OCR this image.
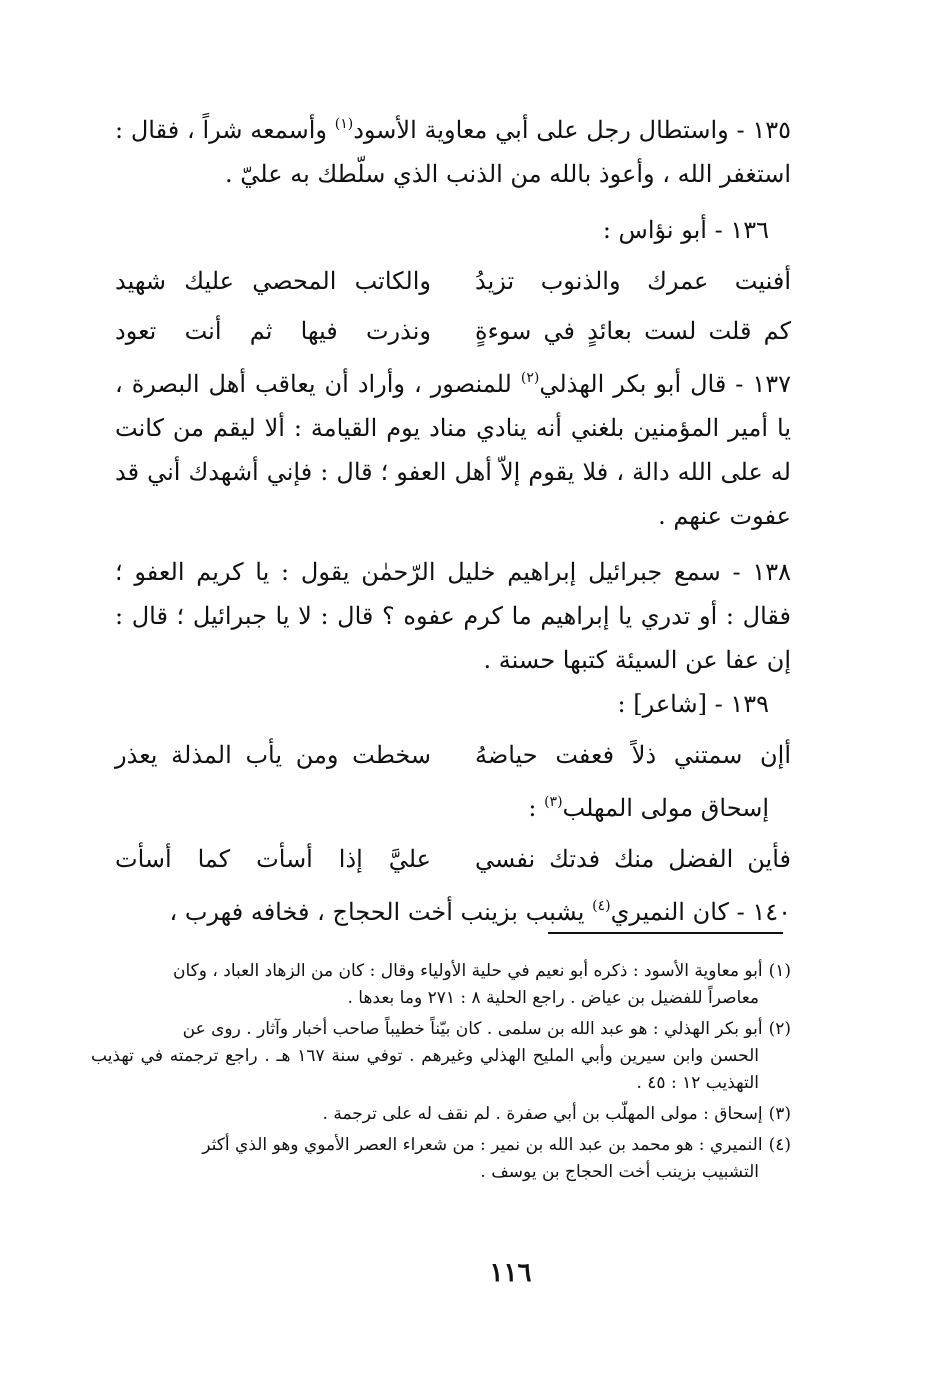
١٣٥ - واستطال رجل على أبي معاوية الأسود$^{(١)}$ وأسمعه شراً ، فقال : استغفر الله ، وأعوذ بالله من الذنب الذي سلّطك به عليّ .

١٣٦ - أبو نؤاس :

أفنيت عمرك والذنوب تزيدُ
والكاتب المحصي عليك شهيد
كم قلت لست بعائدٍ في سوءةٍ
ونذرت فيها ثم أنت تعود

١٣٧ - قال أبو بكر الهذلي$^{(٢)}$ للمنصور ، وأراد أن يعاقب أهل البصرة ، يا أمير المؤمنين بلغني أنه ينادي مناد يوم القيامة : ألا ليقم من كانت له على الله دالة ، فلا يقوم إلاّ أهل العفو ؛ قال : فإني أشهدك أني قد عفوت عنهم .

١٣٨ - سمع جبرائيل إبراهيم خليل الرّحمٰن يقول : يا كريم العفو ؛ فقال : أو تدري يا إبراهيم ما كرم عفوه ؟ قال : لا يا جبرائيل ؛ قال : إن عفا عن السيئة كتبها حسنة .

١٣٩ - [شاعر] :

أإن سمتني ذلاً فعفت حياضهُ
سخطت ومن يأب المذلة يعذر

إسحاق مولى المهلب$^{(٣)}$ :

فأين الفضل منك فدتك نفسي
عليَّ إذا أسأت كما أسأت

١٤٠ - كان النميري$^{(٤)}$ يشبب بزينب أخت الحجاج ، فخافه فهرب ،

(١)أبو معاوية الأسود : ذكره أبو نعيم في حلية الأولياء وقال : كان من الزهاد العباد ، وكان
معاصراً للفضيل بن عياض . راجع الحلية ٨ : ٢٧١ وما بعدها .

(٢)أبو بكر الهذلي : هو عبد الله بن سلمى . كان بيّناً خطيباً صاحب أخبار وآثار . روى عن
الحسن وابن سيرين وأبي المليح الهذلي وغيرهم . توفي سنة ١٦٧ هـ . راجع ترجمته في تهذيب التهذيب ١٢ : ٤٥ .

(٣)إسحاق : مولى المهلّب بن أبي صفرة . لم نقف له على ترجمة .

(٤)النميري : هو محمد بن عبد الله بن نمير : من شعراء العصر الأموي وهو الذي أكثر
التشبيب بزينب أخت الحجاج بن يوسف .

١١٦
